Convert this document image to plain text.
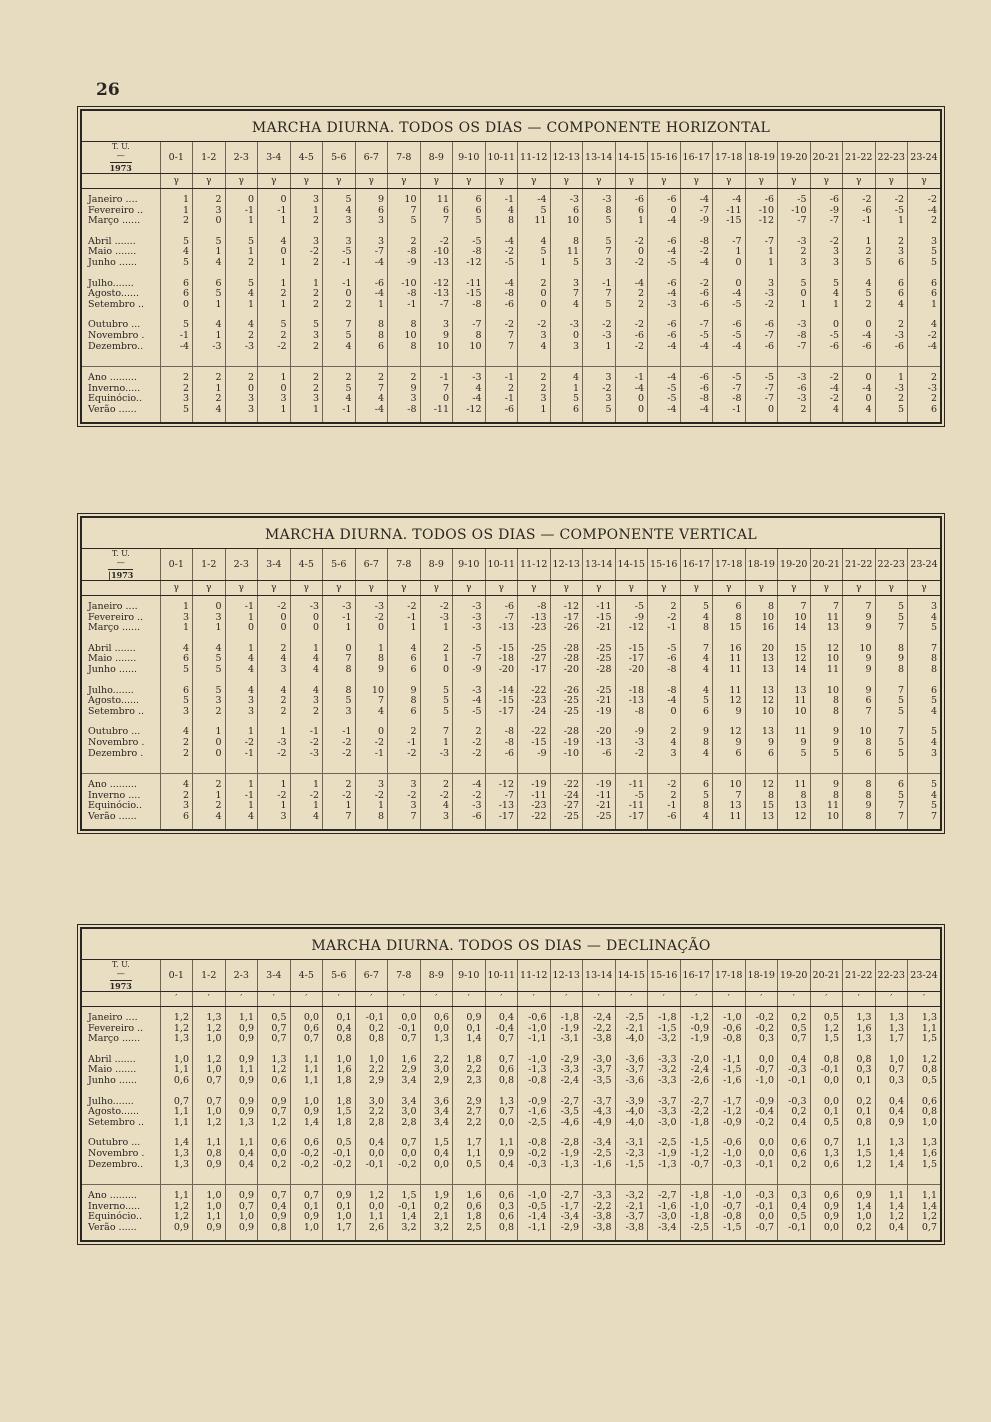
26
MARCHA DIURNA. TODOS OS DIAS — COMPONENTE HORIZONTAL
T. U.
—
1973	0-1	1-2	2-3	3-4	4-5	5-6	6-7	7-8	8-9	9-10	10-11	11-12	12-13	13-14	14-15	15-16	16-17	17-18	18-19	19-20	20-21	21-22	22-23	23-24
	γ	γ	γ	γ	γ	γ	γ	γ	γ	γ	γ	γ	γ	γ	γ	γ	γ	γ	γ	γ	γ	γ	γ	γ

Janeiro ....	1	2	0	0	3	5	9	10	11	6	-1	-4	-3	-3	-6	-6	-4	-4	-6	-5	-6	-2	-2	-2
Fevereiro ..	1	3	-1	-1	1	4	6	7	6	6	4	5	6	8	6	0	-7	-11	-10	-10	-9	-6	-5	-4
Março ......	2	0	1	1	2	3	3	5	7	5	8	11	10	5	1	-4	-9	-15	-12	-7	-7	-1	1	2

Abril .......	5	5	5	4	3	3	3	2	-2	-5	-4	4	8	5	-2	-6	-8	-7	-7	-3	-2	1	2	3
Maio .......	4	1	1	0	-2	-5	-7	-8	-10	-8	-2	5	11	7	0	-4	-2	1	1	2	3	2	3	5
Junho ......	5	4	2	1	2	-1	-4	-9	-13	-12	-5	1	5	3	-2	-5	-4	0	1	3	3	5	6	5

Julho.......	6	6	5	1	1	-1	-6	-10	-12	-11	-4	2	3	-1	-4	-6	-2	0	3	5	5	4	6	6
Agosto......	6	5	4	2	2	0	-4	-8	-13	-15	-8	0	7	7	2	-4	-6	-4	-3	0	4	5	6	6
Setembro ..	0	1	1	1	2	2	1	-1	-7	-8	-6	0	4	5	2	-3	-6	-5	-2	1	1	2	4	1

Outubro ...	5	4	4	5	5	7	8	8	3	-7	-2	-2	-3	-2	-2	-6	-7	-6	-6	-3	0	0	2	4
Novembro .	-1	1	2	2	3	5	8	10	9	8	7	3	0	-3	-6	-6	-5	-5	-7	-8	-5	-4	-3	-2
Dezembro..	-4	-3	-3	-2	2	4	6	8	10	10	7	4	3	1	-2	-4	-4	-4	-6	-7	-6	-6	-6	-4

Ano .........	2	2	2	1	2	2	2	2	-1	-3	-1	2	4	3	-1	-4	-6	-5	-5	-3	-2	0	1	2
Inverno.....	2	1	0	0	2	5	7	9	7	4	2	2	1	-2	-4	-5	-6	-7	-7	-6	-4	-4	-3	-3
Equinócio..	3	2	3	3	3	4	4	3	0	-4	-1	3	5	3	0	-5	-8	-8	-7	-3	-2	0	2	2
Verão ......	5	4	3	1	1	-1	-4	-8	-11	-12	-6	1	6	5	0	-4	-4	-1	0	2	4	4	5	6

MARCHA DIURNA. TODOS OS DIAS — COMPONENTE VERTICAL
T. U.
—
|1973	0-1	1-2	2-3	3-4	4-5	5-6	6-7	7-8	8-9	9-10	10-11	11-12	12-13	13-14	14-15	15-16	16-17	17-18	18-19	19-20	20-21	21-22	22-23	23-24
	γ	γ	γ	γ	γ	γ	γ	γ	γ	γ	γ	γ	γ	γ	γ	γ	γ	γ	γ	γ	γ	γ	γ	γ

Janeiro ....	1	0	-1	-2	-3	-3	-3	-2	-2	-3	-6	-8	-12	-11	-5	2	5	6	8	7	7	7	5	3
Fevereiro ..	3	3	1	0	0	-1	-2	-1	-3	-3	-7	-13	-17	-15	-9	-2	4	8	10	10	11	9	5	4
Março ......	1	1	0	0	0	1	0	1	1	-3	-13	-23	-26	-21	-12	-1	8	15	16	14	13	9	7	5

Abril .......	4	4	1	2	1	0	1	4	2	-5	-15	-25	-28	-25	-15	-5	7	16	20	15	12	10	8	7
Maio .......	6	5	4	4	4	7	8	6	1	-7	-18	-27	-28	-25	-17	-6	4	11	13	12	10	9	9	8
Junho ......	5	5	4	3	4	8	9	6	0	-9	-20	-17	-20	-28	-20	-8	4	11	13	14	11	9	8	8

Julho.......	6	5	4	4	4	8	10	9	5	-3	-14	-22	-26	-25	-18	-8	4	11	13	13	10	9	7	6
Agosto......	5	3	3	2	3	5	7	8	5	-4	-15	-23	-25	-21	-13	-4	5	12	12	11	8	6	5	5
Setembro ..	3	2	3	2	2	3	4	6	5	-5	-17	-24	-25	-19	-8	0	6	9	10	10	8	7	5	4

Outubro ...	4	1	1	1	-1	-1	0	2	7	2	-8	-22	-28	-20	-9	2	9	12	13	11	9	10	7	5
Novembro .	2	0	-2	-3	-2	-2	-2	-1	1	-2	-8	-15	-19	-13	-3	4	8	9	9	9	9	8	5	4
Dezembro .	2	0	-1	-2	-3	-2	-1	-2	-3	-2	-6	-9	-10	-6	-2	3	4	6	6	5	5	6	5	3

Ano .........	4	2	1	1	1	2	3	3	2	-4	-12	-19	-22	-19	-11	-2	6	10	12	11	9	8	6	5
Inverno ....	2	1	-1	-2	-2	-2	-2	-2	-2	-2	-7	-11	-24	-11	-5	2	5	7	8	8	8	8	5	4
Equinócio..	3	2	1	1	1	1	1	3	4	-3	-13	-23	-27	-21	-11	-1	8	13	15	13	11	9	7	5
Verão ......	6	4	4	3	4	7	8	7	3	-6	-17	-22	-25	-25	-17	-6	4	11	13	12	10	8	7	7

MARCHA DIURNA. TODOS OS DIAS — DECLINAÇÃO
T. U.
—
1973	0-1	1-2	2-3	3-4	4-5	5-6	6-7	7-8	8-9	9-10	10-11	11-12	12-13	13-14	14-15	15-16	16-17	17-18	18-19	19-20	20-21	21-22	22-23	23-24
	′	′	′	′	′	′	′	′	′	′	′	′	′	′	′	′	′	′	′	′	′	′	′	′

Janeiro ....	1,2	1,3	1,1	0,5	0,0	0,1	-0,1	0,0	0,6	0,9	0,4	-0,6	-1,8	-2,4	-2,5	-1,8	-1,2	-1,0	-0,2	0,2	0,5	1,3	1,3	1,3
Fevereiro ..	1,2	1,2	0,9	0,7	0,6	0,4	0,2	-0,1	0,0	0,1	-0,4	-1,0	-1,9	-2,2	-2,1	-1,5	-0,9	-0,6	-0,2	0,5	1,2	1,6	1,3	1,1
Março ......	1,3	1,0	0,9	0,7	0,7	0,8	0,8	0,7	1,3	1,4	0,7	-1,1	-3,1	-3,8	-4,0	-3,2	-1,9	-0,8	0,3	0,7	1,5	1,3	1,7	1,5

Abril .......	1,0	1,2	0,9	1,3	1,1	1,0	1,0	1,6	2,2	1,8	0,7	-1,0	-2,9	-3,0	-3,6	-3,3	-2,0	-1,1	0,0	0,4	0,8	0,8	1,0	1,2
Maio .......	1,1	1,0	1,1	1,2	1,1	1,6	2,2	2,9	3,0	2,2	0,6	-1,3	-3,3	-3,7	-3,7	-3,2	-2,4	-1,5	-0,7	-0,3	-0,1	0,3	0,7	0,8
Junho ......	0,6	0,7	0,9	0,6	1,1	1,8	2,9	3,4	2,9	2,3	0,8	-0,8	-2,4	-3,5	-3,6	-3,3	-2,6	-1,6	-1,0	-0,1	0,0	0,1	0,3	0,5

Julho.......	0,7	0,7	0,9	0,9	1,0	1,8	3,0	3,4	3,6	2,9	1,3	-0,9	-2,7	-3,7	-3,9	-3,7	-2,7	-1,7	-0,9	-0,3	0,0	0,2	0,4	0,6
Agosto......	1,1	1,0	0,9	0,7	0,9	1,5	2,2	3,0	3,4	2,7	0,7	-1,6	-3,5	-4,3	-4,0	-3,3	-2,2	-1,2	-0,4	0,2	0,1	0,1	0,4	0,8
Setembro ..	1,1	1,2	1,3	1,2	1,4	1,8	2,8	2,8	3,4	2,2	0,0	-2,5	-4,6	-4,9	-4,0	-3,0	-1,8	-0,9	-0,2	0,4	0,5	0,8	0,9	1,0

Outubro ...	1,4	1,1	1,1	0,6	0,6	0,5	0,4	0,7	1,5	1,7	1,1	-0,8	-2,8	-3,4	-3,1	-2,5	-1,5	-0,6	0,0	0,6	0,7	1,1	1,3	1,3
Novembro .	1,3	0,8	0,4	0,0	-0,2	-0,1	0,0	0,0	0,4	1,1	0,9	-0,2	-1,9	-2,5	-2,3	-1,9	-1,2	-1,0	0,0	0,6	1,3	1,5	1,4	1,6
Dezembro..	1,3	0,9	0,4	0,2	-0,2	-0,2	-0,1	-0,2	0,0	0,5	0,4	-0,3	-1,3	-1,6	-1,5	-1,3	-0,7	-0,3	-0,1	0,2	0,6	1,2	1,4	1,5

Ano .........	1,1	1,0	0,9	0,7	0,7	0,9	1,2	1,5	1,9	1,6	0,6	-1,0	-2,7	-3,3	-3,2	-2,7	-1,8	-1,0	-0,3	0,3	0,6	0,9	1,1	1,1
Inverno.....	1,2	1,0	0,7	0,4	0,1	0,1	0,0	-0,1	0,2	0,6	0,3	-0,5	-1,7	-2,2	-2,1	-1,6	-1,0	-0,7	-0,1	0,4	0,9	1,4	1,4	1,4
Equinócio..	1,2	1,1	1,0	0,9	0,9	1,0	1,1	1,4	2,1	1,8	0,6	-1,4	-3,4	-3,8	-3,7	-3,0	-1,8	-0,8	0,0	0,5	0,9	1,0	1,2	1,2
Verão ......	0,9	0,9	0,9	0,8	1,0	1,7	2,6	3,2	3,2	2,5	0,8	-1,1	-2,9	-3,8	-3,8	-3,4	-2,5	-1,5	-0,7	-0,1	0,0	0,2	0,4	0,7
